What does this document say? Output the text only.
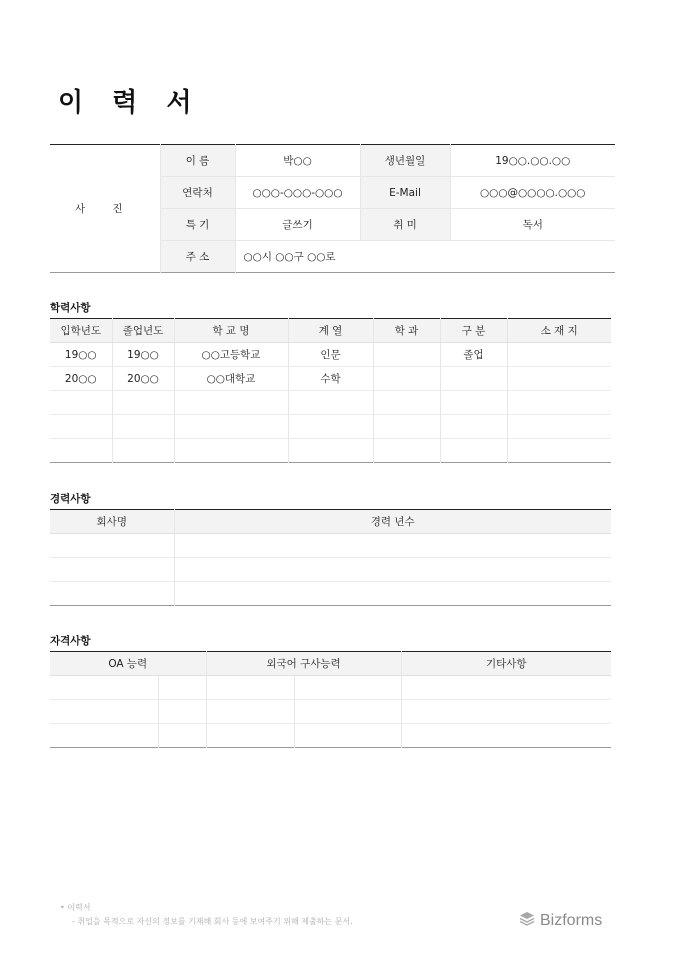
이 력 서
사 진	이 름	박○○	생년월일	19○○.○○.○○
	연락처	○○○-○○○-○○○	E-Mail	○○○@○○○○.○○○
	특 기	글쓰기	취 미	독서
	주 소	○○시 ○○구 ○○로		
학력사항
입학년도	졸업년도	학 교 명	계 열	학 과	구 분	소 재 지
19○○	19○○	○○고등학교	인문		졸업	
20○○	20○○	○○대학교	수학			

경력사항
회사명	경력 년수

자격사항
OA 능력		외국어 구사능력		기타사항

• 이력서
- 취업을 목적으로 자신의 정보를 기재해 회사 등에 보여주기 위해 제출하는 문서.	Bizforms
